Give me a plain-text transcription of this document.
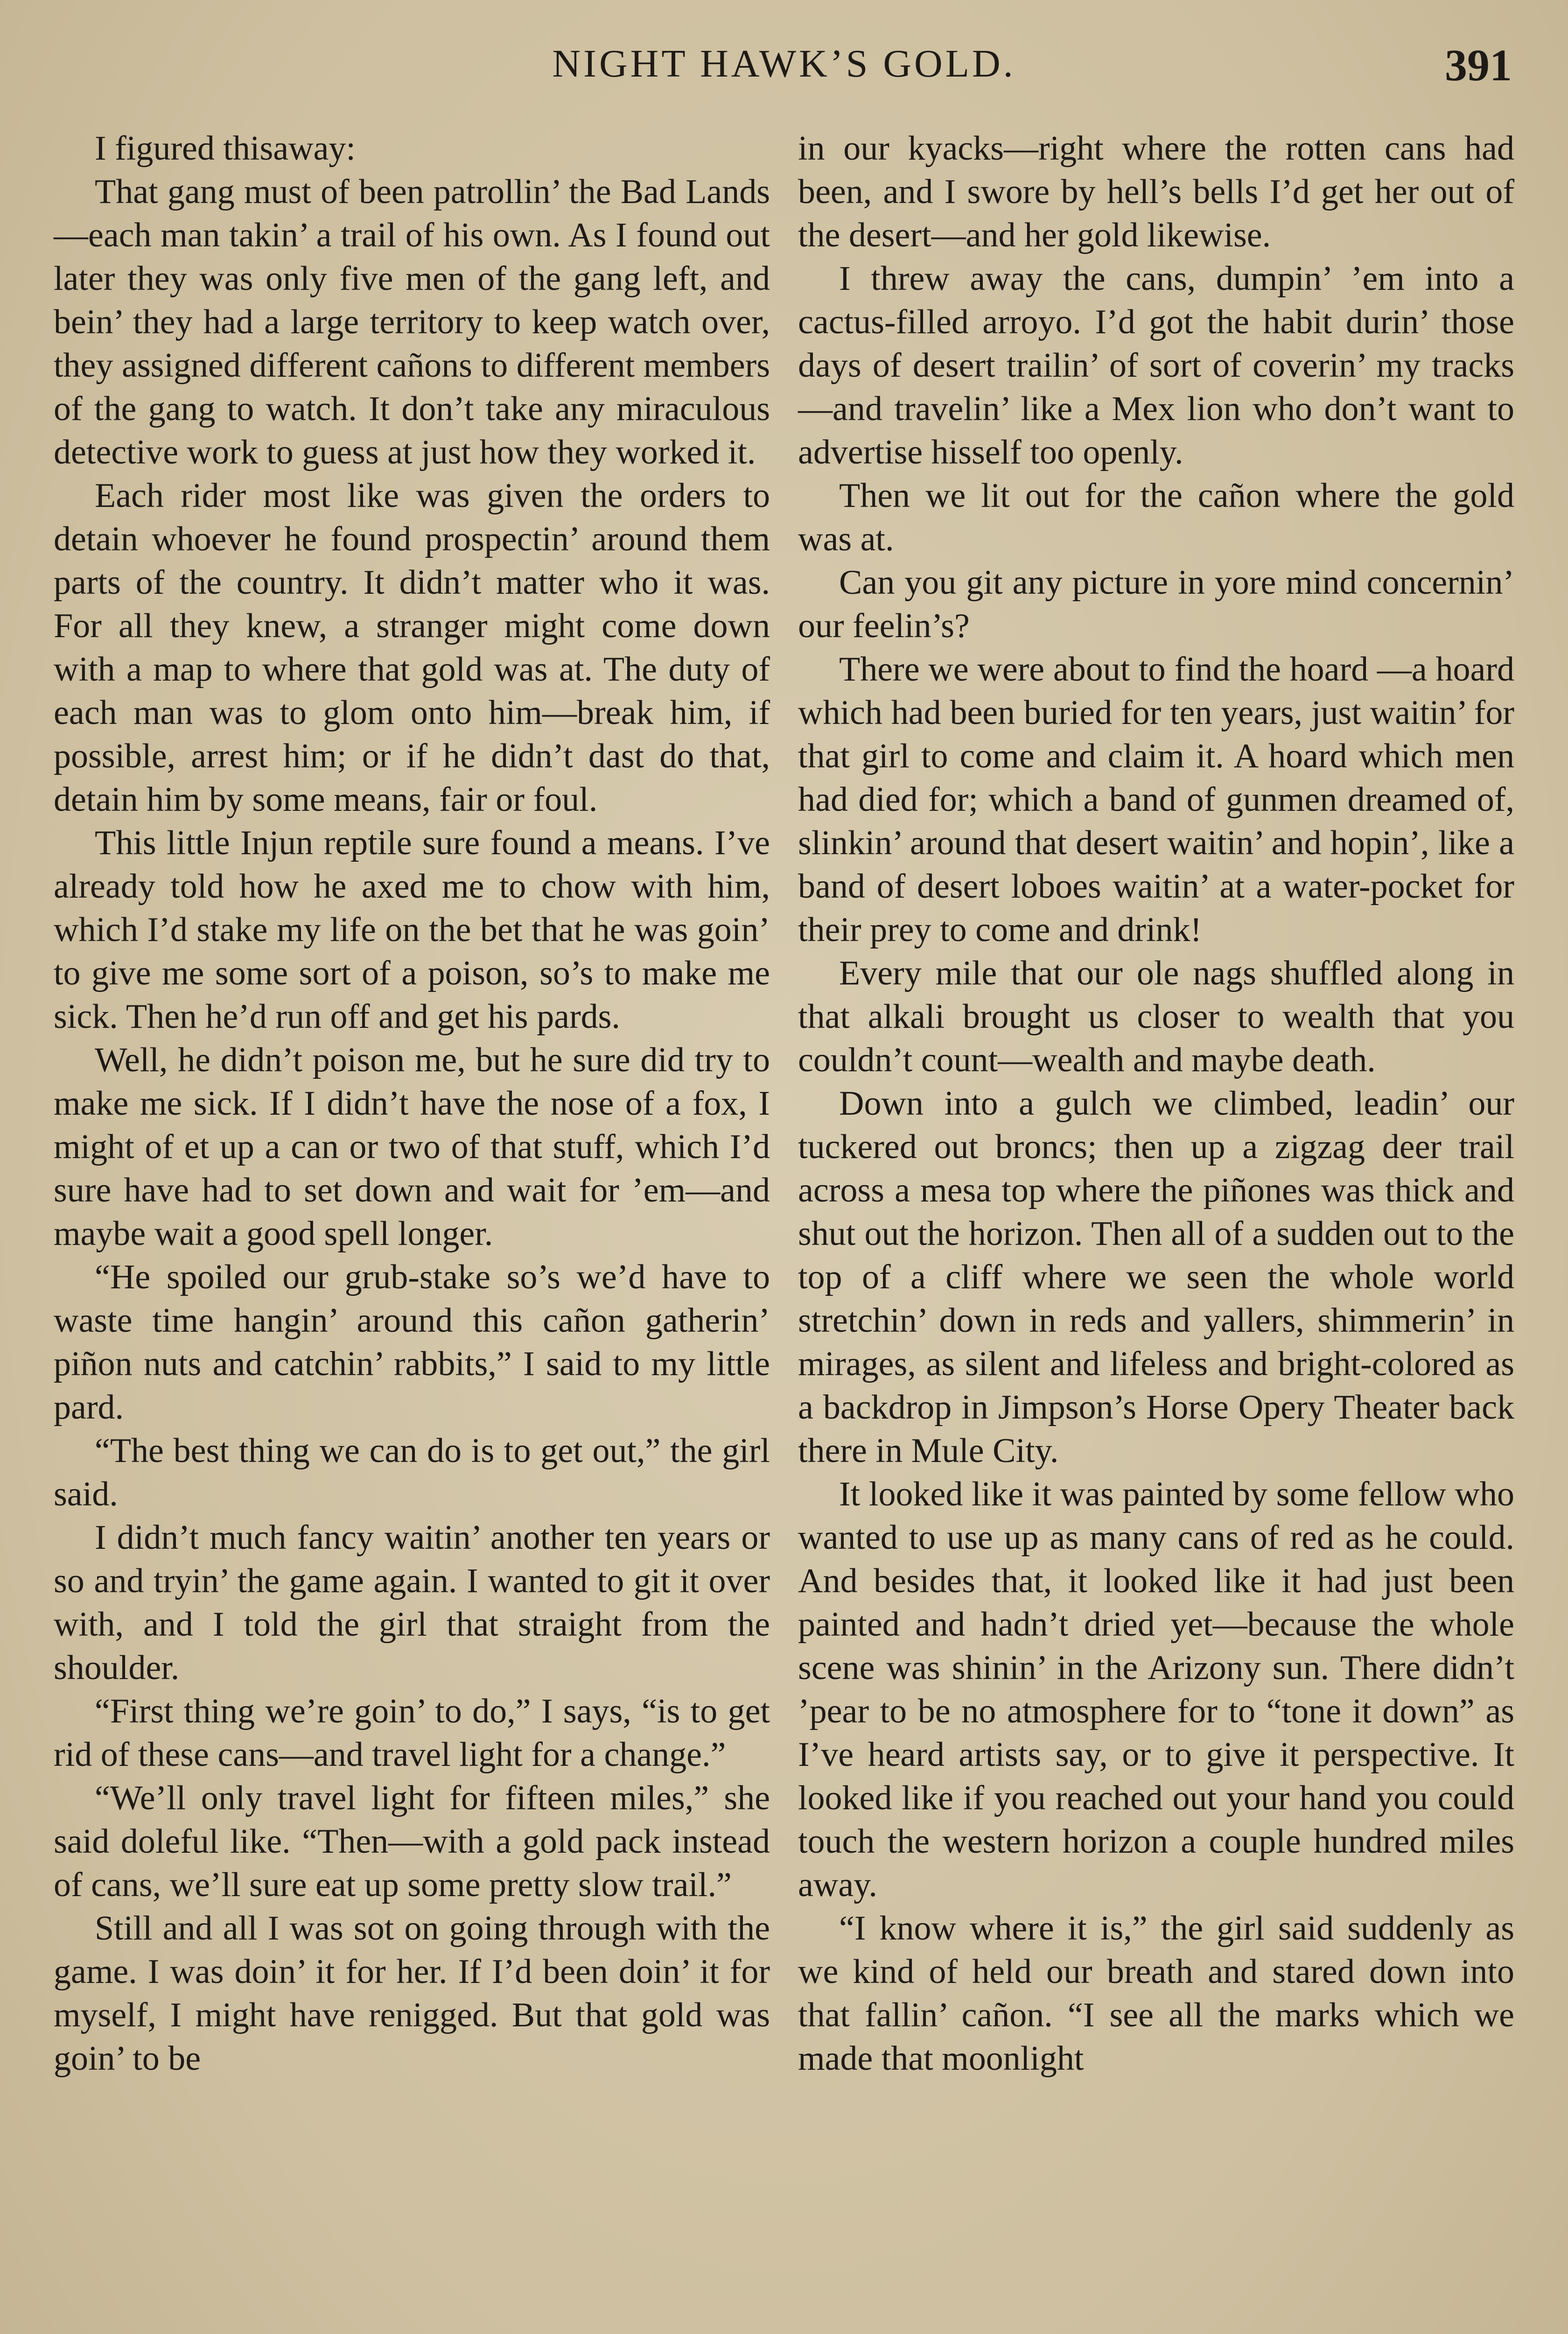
NIGHT HAWK’S GOLD.	391

I figured thisaway:

That gang must of been patrollin’ the Bad Lands—each man takin’ a trail of his own. As I found out later they was only five men of the gang left, and bein’ they had a large territory to keep watch over, they assigned different cañons to different members of the gang to watch. It don’t take any miraculous detective work to guess at just how they worked it.

Each rider most like was given the orders to detain whoever he found prospectin’ around them parts of the country. It didn’t matter who it was. For all they knew, a stranger might come down with a map to where that gold was at. The duty of each man was to glom onto him—break him, if possible, arrest him; or if he didn’t dast do that, detain him by some means, fair or foul.

This little Injun reptile sure found a means. I’ve already told how he axed me to chow with him, which I’d stake my life on the bet that he was goin’ to give me some sort of a poison, so’s to make me sick. Then he’d run off and get his pards.

Well, he didn’t poison me, but he sure did try to make me sick. If I didn’t have the nose of a fox, I might of et up a can or two of that stuff, which I’d sure have had to set down and wait for ’em—and maybe wait a good spell longer.

“He spoiled our grub-stake so’s we’d have to waste time hangin’ around this cañon gatherin’ piñon nuts and catchin’ rabbits,” I said to my little pard.

“The best thing we can do is to get out,” the girl said.

I didn’t much fancy waitin’ another ten years or so and tryin’ the game again. I wanted to git it over with, and I told the girl that straight from the shoulder.

“First thing we’re goin’ to do,” I says, “is to get rid of these cans—and travel light for a change.”

“We’ll only travel light for fifteen miles,” she said doleful like. “Then—with a gold pack instead of cans, we’ll sure eat up some pretty slow trail.”

Still and all I was sot on going through with the game. I was doin’ it for her. If I’d been doin’ it for myself, I might have renigged. But that gold was goin’ to be

in our kyacks—right where the rotten cans had been, and I swore by hell’s bells I’d get her out of the desert—and her gold likewise.

I threw away the cans, dumpin’ ’em into a cactus-filled arroyo. I’d got the habit durin’ those days of desert trailin’ of sort of coverin’ my tracks—and travelin’ like a Mex lion who don’t want to advertise hisself too openly.

Then we lit out for the cañon where the gold was at.

Can you git any picture in yore mind concernin’ our feelin’s?

There we were about to find the hoard —a hoard which had been buried for ten years, just waitin’ for that girl to come and claim it. A hoard which men had died for; which a band of gunmen dreamed of, slinkin’ around that desert waitin’ and hopin’, like a band of desert loboes waitin’ at a water-pocket for their prey to come and drink!

Every mile that our ole nags shuffled along in that alkali brought us closer to wealth that you couldn’t count—wealth and maybe death.

Down into a gulch we climbed, leadin’ our tuckered out broncs; then up a zigzag deer trail across a mesa top where the piñones was thick and shut out the horizon. Then all of a sudden out to the top of a cliff where we seen the whole world stretchin’ down in reds and yallers, shimmerin’ in mirages, as silent and lifeless and bright-colored as a backdrop in Jimpson’s Horse Opery Theater back there in Mule City.

It looked like it was painted by some fellow who wanted to use up as many cans of red as he could. And besides that, it looked like it had just been painted and hadn’t dried yet—because the whole scene was shinin’ in the Arizony sun. There didn’t ’pear to be no atmosphere for to “tone it down” as I’ve heard artists say, or to give it perspective. It looked like if you reached out your hand you could touch the western horizon a couple hundred miles away.

“I know where it is,” the girl said suddenly as we kind of held our breath and stared down into that fallin’ cañon. “I see all the marks which we made that moonlight
